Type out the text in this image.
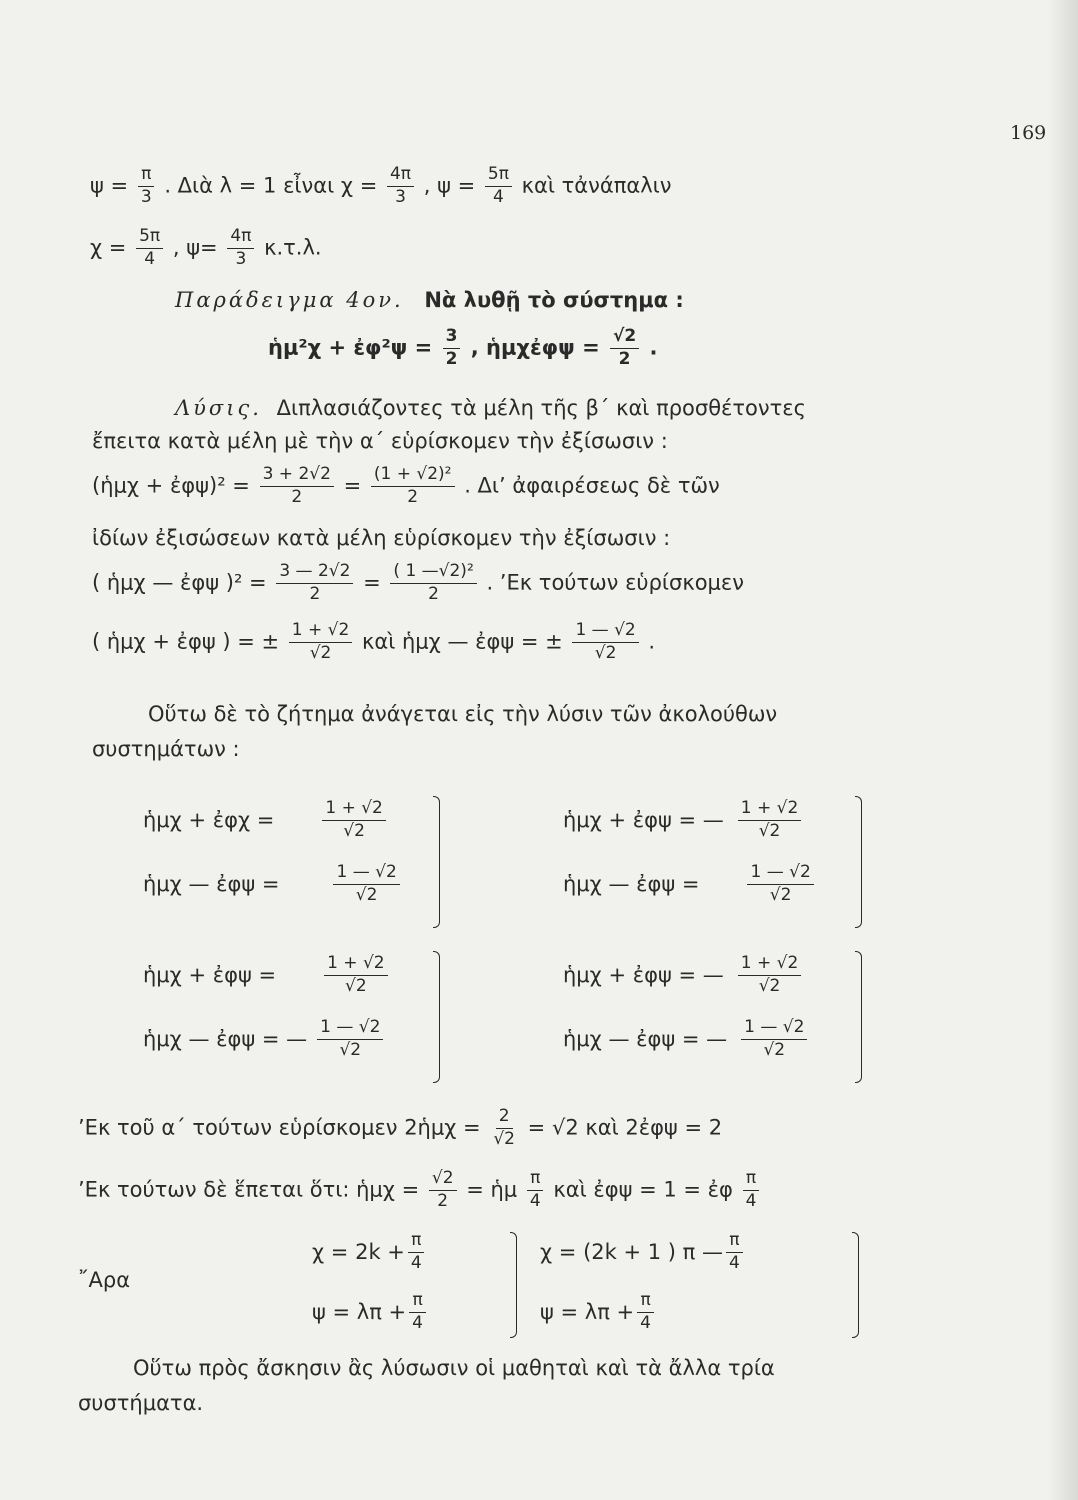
169
$\psi = \frac{\pi}{3}$ . Διὰ λ = 1 εἶναι $\chi = \frac{4\pi}{3}$ , $\psi = \frac{5\pi}{4}$ καὶ τἀνάπαλιν
$\chi = \frac{5\pi}{4}$ , $\psi= \frac{4\pi}{3} \kappa.\tau.\lambda$.
Παράδειγμα 4ον. Νὰ λυθῇ τὸ σύστημα :
ἡμ²χ + ἐφ²ψ = $\frac{3}{2}$ , ἡμχἐφψ = $\frac{√2}{2}$ .
Λύσις. Διπλασιάζοντες τὰ μέλη τῆς β΄ καὶ προσθέτοντες
ἔπειτα κατὰ μέλη μὲ τὴν α΄ εὑρίσκομεν τὴν ἐξίσωσιν :
(ἡμχ + ἐφψ)² = $\frac{3 + 2√2}{2} = \frac{\text{(1 + √2)²}}{2}$ . Δι’ ἀφαιρέσεως δὲ τῶν
ἰδίων ἐξισώσεων κατὰ μέλη εὑρίσκομεν τὴν ἐξίσωσιν :
( ἡμχ — ἐφψ )$^2 = \frac{3 — 2√2}{2} = \frac{\text{( 1 —√2)²}}{2}$ . ’Εκ τούτων εὑρίσκομεν
( ἡμχ + ἐφψ ) = ± $\frac{1 + √2}{√2}$ καὶ ἡμχ — ἐφψ = ± $\frac{1 — √2}{√2}$ .
Οὕτω δὲ τὸ ζήτημα ἀνάγεται εἰς τὴν λύσιν τῶν ἀκολούθων
συστημάτων :
ἡμχ + ἐφχ =	$\frac{1 + √2}{√2}$
ἡμχ — ἐφψ =	$\frac{1 — √2}{√2}$
ἡμχ + ἐφψ = — $\frac{1 + √2}{√2}$
ἡμχ — ἐφψ =	$\frac{1 — √2}{√2}$
ἡμχ + ἐφψ =	$\frac{1 + √2}{√2}$
ἡμχ — ἐφψ = — $\frac{1 — √2}{√2}$
ἡμχ + ἐφψ = — $\frac{1 + √2}{√2}$
ἡμχ — ἐφψ = — $\frac{1 — √2}{√2}$
’Εκ τοῦ α΄ τούτων εὑρίσκομεν 2ἡμχ = $\frac{2}{√2} = √2$ καὶ 2ἐφψ = 2
’Εκ τούτων δὲ ἕπεται ὅτι: ἡμχ = $\frac{√2}{2}$ = ἡμ $\frac{\pi}{4}$ καὶ ἐφψ = 1 = ἐφ $\frac{\pi}{4}$
῎Αρα
$\chi = 2k + \frac{\pi}{4}$
$\psi = \lambda\pi + \frac{\pi}{4}$
χ = (2k + 1 ) π — $\frac{\pi}{4}$
$\psi = \lambda\pi + \frac{\pi}{4}$
Οὕτω πρὸς ἄσκησιν ἂς λύσωσιν οἱ μαθηταὶ καὶ τὰ ἄλλα τρία
συστήματα.
